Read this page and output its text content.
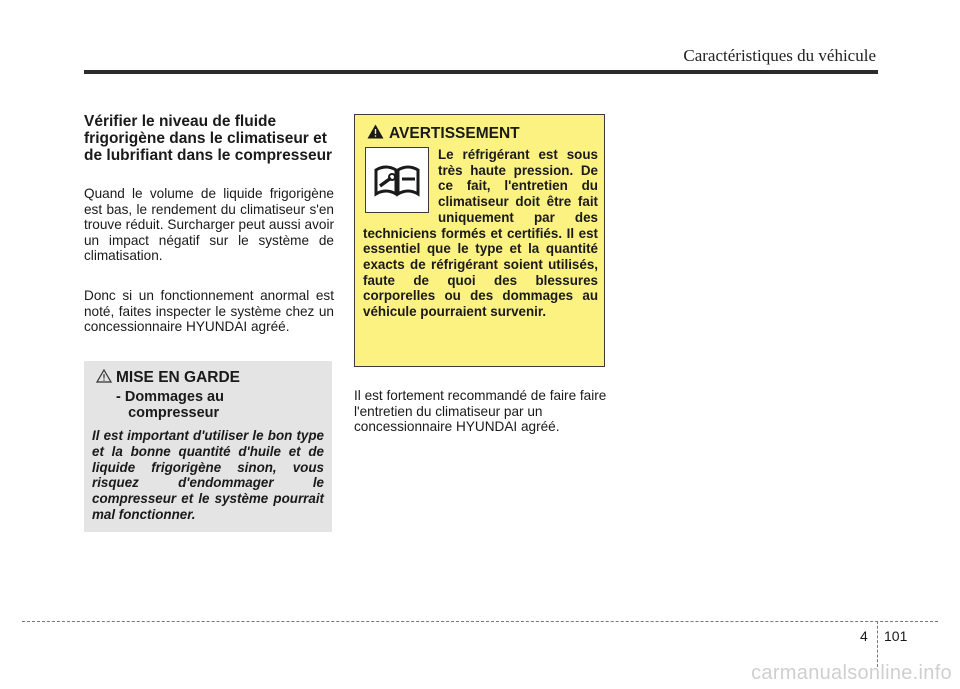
Caractéristiques du véhicule
Vérifier le niveau de fluide frigorigène dans le climatiseur et de lubrifiant dans le compresseur

Quand le volume de liquide frigorigène est bas, le rendement du climatiseur s'en trouve réduit. Surcharger peut aussi avoir un impact négatif sur le système de climatisation.

Donc si un fonctionnement anormal est noté, faites inspecter le système chez un concessionnaire HYUNDAI agréé.

MISE EN GARDE
- Dommages au
compresseur

Il est important d'utiliser le bon type et la bonne quantité d'huile et de liquide frigorigène sinon, vous risquez d'endommager le compresseur et le système pourrait mal fonctionner.

AVERTISSEMENT

Le réfrigérant est sous très haute pression. De ce fait, l'entretien du climatiseur doit être fait uniquement par des techniciens formés et certifiés. Il est essentiel que le type et la quantité exacts de réfrigérant soient utilisés, faute de quoi des blessures corporelles ou des dommages au véhicule pourraient survenir.

Il est fortement recommandé de faire faire l'entretien du climatiseur par un concessionnaire HYUNDAI agréé.

4 101
carmanualsonline.info
